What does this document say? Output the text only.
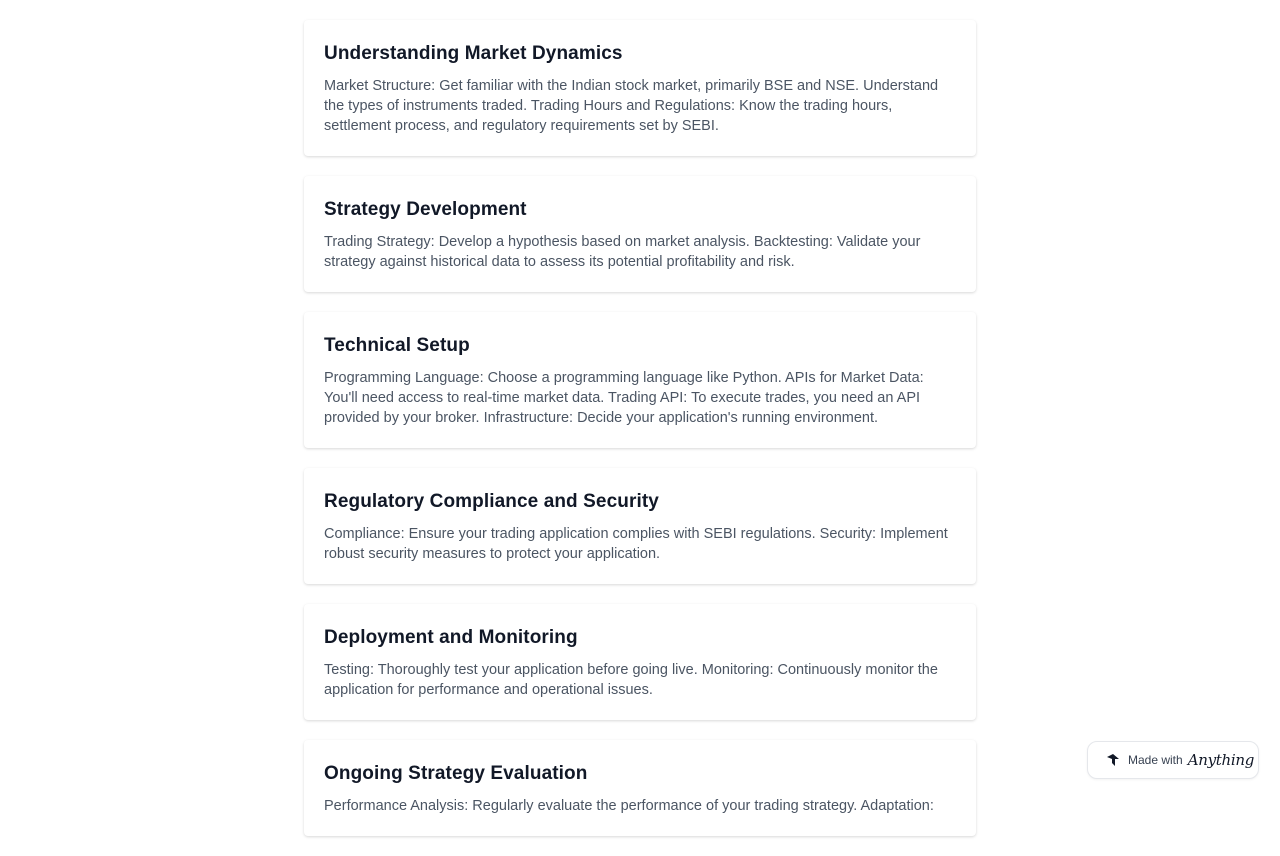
Understanding Market Dynamics

Market Structure: Get familiar with the Indian stock market, primarily BSE and NSE. Understand the types of instruments traded. Trading Hours and Regulations: Know the trading hours, settlement process, and regulatory requirements set by SEBI.

Strategy Development

Trading Strategy: Develop a hypothesis based on market analysis. Backtesting: Validate your strategy against historical data to assess its potential profitability and risk.

Technical Setup

Programming Language: Choose a programming language like Python. APIs for Market Data: You'll need access to real-time market data. Trading API: To execute trades, you need an API provided by your broker. Infrastructure: Decide your application's running environment.

Regulatory Compliance and Security

Compliance: Ensure your trading application complies with SEBI regulations. Security: Implement robust security measures to protect your application.

Deployment and Monitoring

Testing: Thoroughly test your application before going live. Monitoring: Continuously monitor the application for performance and operational issues.

Ongoing Strategy Evaluation

Performance Analysis: Regularly evaluate the performance of your trading strategy. Adaptation:

Made with Anything
